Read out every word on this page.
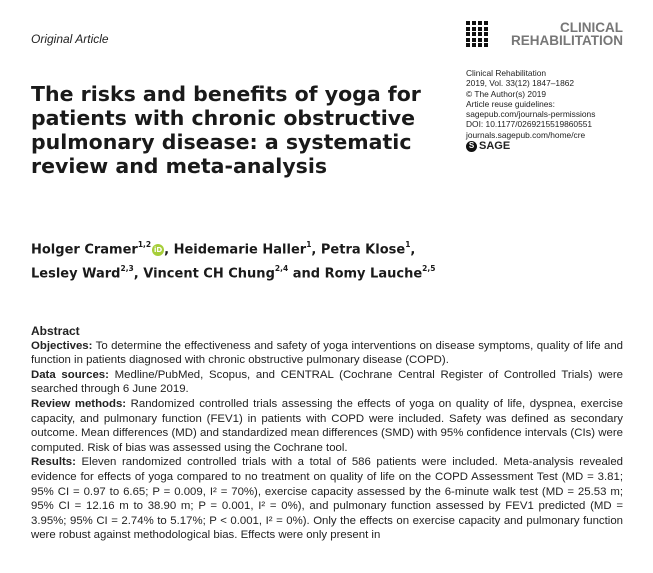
Original Article
CLINICAL
REHABILITATION
Clinical Rehabilitation
2019, Vol. 33(12) 1847–1862
© The Author(s) 2019
Article reuse guidelines:
sagepub.com/journals-permissions
DOI: 10.1177/0269215519860551
journals.sagepub.com/home/cre
S SAGE
The risks and benefits of yoga for patients with chronic obstructive pulmonary disease: a systematic review and meta-analysis
Holger Cramer$^{1,2}$iD , Heidemarie Haller$^1$, Petra Klose$^1$,
Lesley Ward$^{2,3}$, Vincent CH Chung$^{2,4}$ and Romy Lauche$^{2,5}$
Abstract

Objectives: To determine the effectiveness and safety of yoga interventions on disease symptoms, quality of life and function in patients diagnosed with chronic obstructive pulmonary disease (COPD).

Data sources: Medline/PubMed, Scopus, and CENTRAL (Cochrane Central Register of Controlled Trials) were searched through 6 June 2019.

Review methods: Randomized controlled trials assessing the effects of yoga on quality of life, dyspnea, exercise capacity, and pulmonary function (FEV1) in patients with COPD were included. Safety was defined as secondary outcome. Mean differences (MD) and standardized mean differences (SMD) with 95% confidence intervals (CIs) were computed. Risk of bias was assessed using the Cochrane tool.

Results: Eleven randomized controlled trials with a total of 586 patients were included. Meta-analysis revealed evidence for effects of yoga compared to no treatment on quality of life on the COPD Assessment Test (MD = 3.81; 95% CI = 0.97 to 6.65; P = 0.009, I² = 70%), exercise capacity assessed by the 6-minute walk test (MD = 25.53 m; 95% CI = 12.16 m to 38.90 m; P = 0.001, I² = 0%), and pulmonary function assessed by FEV1 predicted (MD = 3.95%; 95% CI = 2.74% to 5.17%; P < 0.001, I² = 0%). Only the effects on exercise capacity and pulmonary function were robust against methodological bias. Effects were only present in
